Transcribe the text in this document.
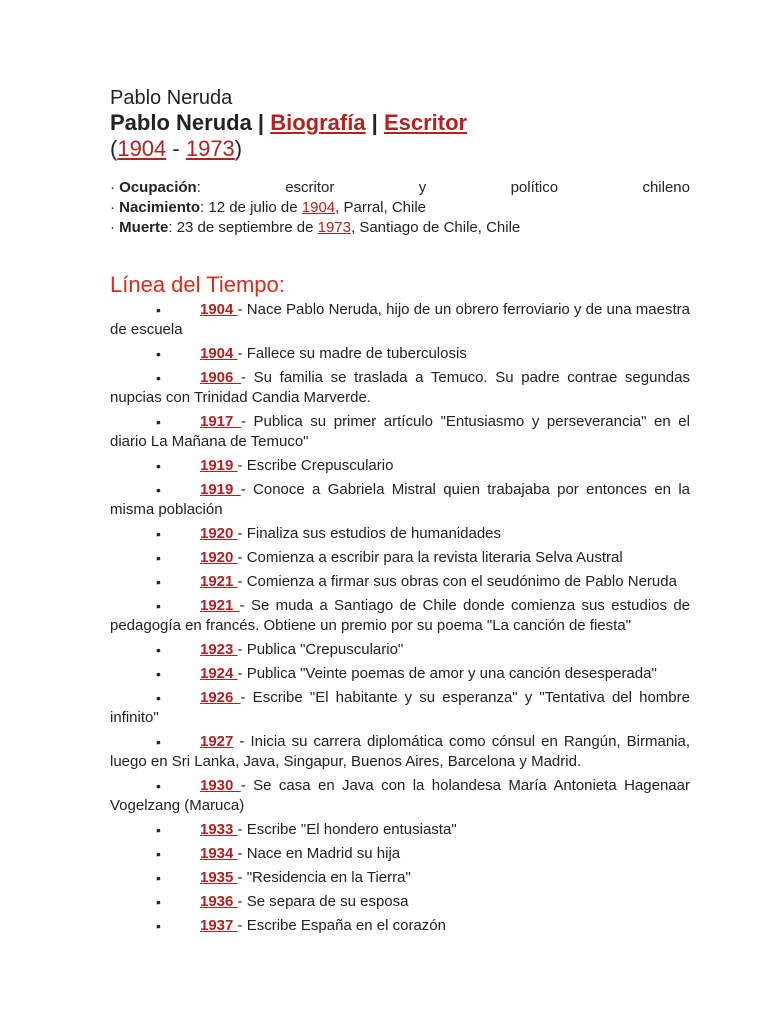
Pablo Neruda
Pablo Neruda | Biografía | Escritor
(1904 - 1973)
· Ocupación:	escritor	y	político	chileno
· Nacimiento: 12 de julio de 1904, Parral, Chile
· Muerte: 23 de septiembre de 1973, Santiago de Chile, Chile
Línea del Tiempo:
•	1904 - Nace Pablo Neruda, hijo de un obrero ferroviario y de una maestra de escuela
•	1904 - Fallece su madre de tuberculosis
•	1906 - Su familia se traslada a Temuco. Su padre contrae segundas nupcias con Trinidad Candia Marverde.
•	1917 - Publica su primer artículo "Entusiasmo y perseverancia" en el diario La Mañana de Temuco"
•	1919 - Escribe Crepusculario
•	1919 - Conoce a Gabriela Mistral quien trabajaba por entonces en la misma población
•	1920 - Finaliza sus estudios de humanidades
•	1920 - Comienza a escribir para la revista literaria Selva Austral
•	1921 - Comienza a firmar sus obras con el seudónimo de Pablo Neruda
•	1921 - Se muda a Santiago de Chile donde comienza sus estudios de pedagogía en francés. Obtiene un premio por su poema "La canción de fiesta"
•	1923 - Publica "Crepusculario"
•	1924 - Publica "Veinte poemas de amor y una canción desesperada"
•	1926 - Escribe "El habitante y su esperanza" y "Tentativa del hombre infinito"
•	1927 - Inicia su carrera diplomática como cónsul en Rangún, Birmania, luego en Sri Lanka, Java, Singapur, Buenos Aires, Barcelona y Madrid.
•	1930 - Se casa en Java con la holandesa María Antonieta Hagenaar Vogelzang (Maruca)
•	1933 - Escribe "El hondero entusiasta"
•	1934 - Nace en Madrid su hija
•	1935 - "Residencia en la Tierra"
•	1936 - Se separa de su esposa
•	1937 - Escribe España en el corazón
